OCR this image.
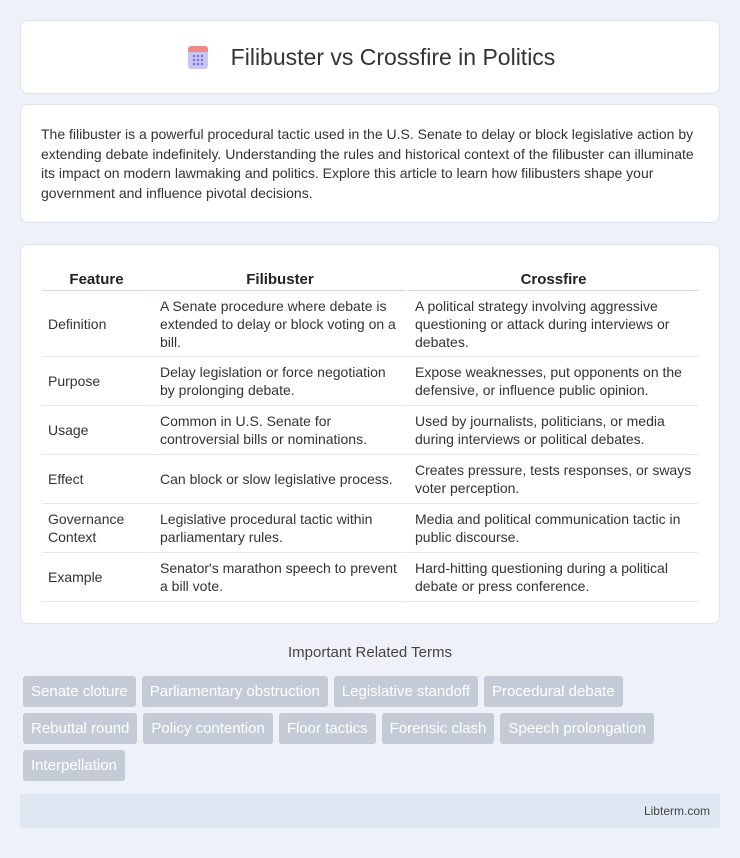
Filibuster vs Crossfire in Politics

The filibuster is a powerful procedural tactic used in the U.S. Senate to delay or block legislative action by extending debate indefinitely. Understanding the rules and historical context of the filibuster can illuminate its impact on modern lawmaking and politics. Explore this article to learn how filibusters shape your government and influence pivotal decisions.

Feature	Filibuster	Crossfire
Definition	A Senate procedure where debate is extended to delay or block voting on a bill.	A political strategy involving aggressive questioning or attack during interviews or debates.
Purpose	Delay legislation or force negotiation by prolonging debate.	Expose weaknesses, put opponents on the defensive, or influence public opinion.
Usage	Common in U.S. Senate for controversial bills or nominations.	Used by journalists, politicians, or media during interviews or political debates.
Effect	Can block or slow legislative process.	Creates pressure, tests responses, or sways voter perception.
Governance Context	Legislative procedural tactic within parliamentary rules.	Media and political communication tactic in public discourse.
Example	Senator's marathon speech to prevent a bill vote.	Hard-hitting questioning during a political debate or press conference.
Important Related Terms
Senate cloture	Parliamentary obstruction	Legislative standoff	Procedural debate
Rebuttal round	Policy contention	Floor tactics	Forensic clash	Speech prolongation
Interpellation
Libterm.com
